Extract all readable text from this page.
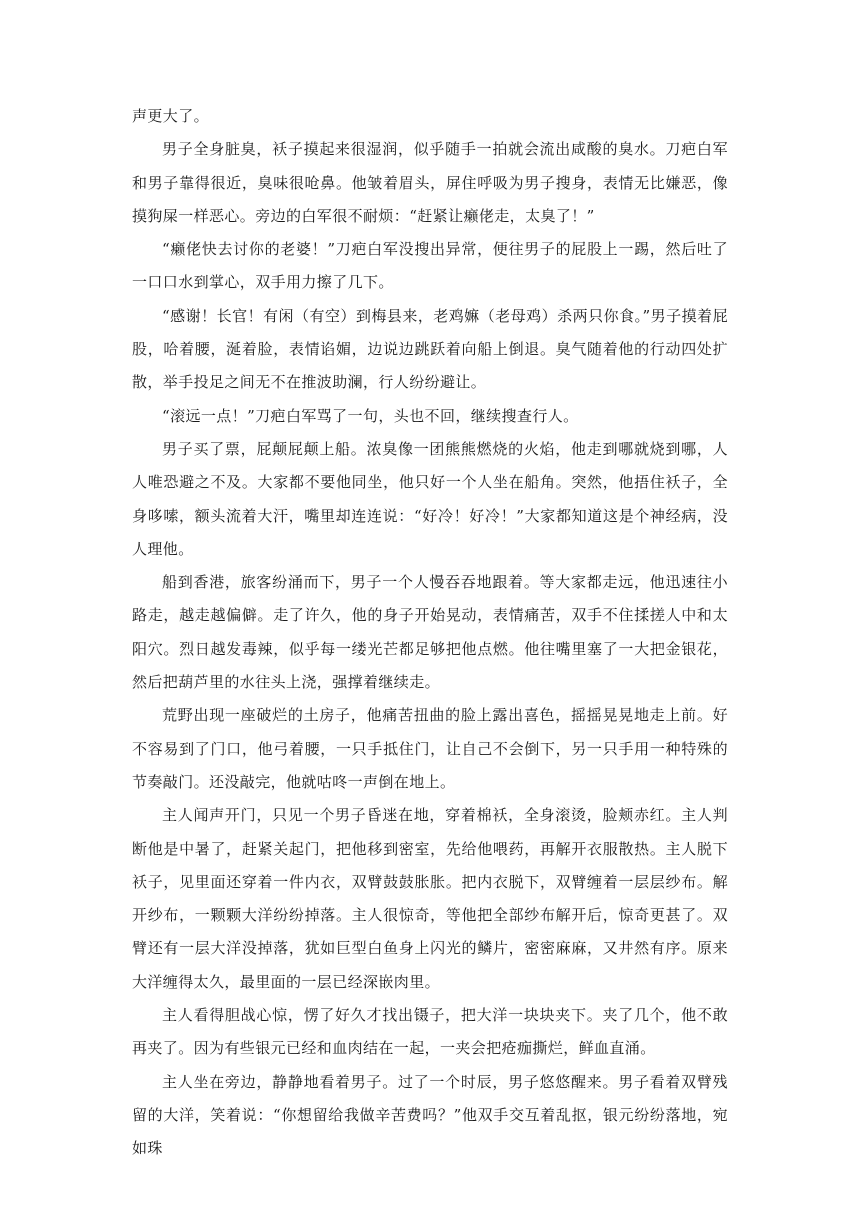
声更大了。

男子全身脏臭，袄子摸起来很湿润，似乎随手一拍就会流出咸酸的臭水。刀疤白军和男子靠得很近，臭味很呛鼻。他皱着眉头，屏住呼吸为男子搜身，表情无比嫌恶，像摸狗屎一样恶心。旁边的白军很不耐烦：“赶紧让癞佬走，太臭了！”

“癞佬快去讨你的老婆！”刀疤白军没搜出异常，便往男子的屁股上一踢，然后吐了一口口水到掌心，双手用力擦了几下。

“感谢！长官！有闲（有空）到梅县来，老鸡嫲（老母鸡）杀两只你食。”男子摸着屁股，哈着腰，涎着脸，表情谄媚，边说边跳跃着向船上倒退。臭气随着他的行动四处扩散，举手投足之间无不在推波助澜，行人纷纷避让。

“滚远一点！”刀疤白军骂了一句，头也不回，继续搜查行人。

男子买了票，屁颠屁颠上船。浓臭像一团熊熊燃烧的火焰，他走到哪就烧到哪，人人唯恐避之不及。大家都不要他同坐，他只好一个人坐在船角。突然，他捂住袄子，全身哆嗦，额头流着大汗，嘴里却连连说：“好冷！好冷！”大家都知道这是个神经病，没人理他。

船到香港，旅客纷涌而下，男子一个人慢吞吞地跟着。等大家都走远，他迅速往小路走，越走越偏僻。走了许久，他的身子开始晃动，表情痛苦，双手不住揉搓人中和太阳穴。烈日越发毒辣，似乎每一缕光芒都足够把他点燃。他往嘴里塞了一大把金银花，然后把葫芦里的水往头上浇，强撑着继续走。

荒野出现一座破烂的土房子，他痛苦扭曲的脸上露出喜色，摇摇晃晃地走上前。好不容易到了门口，他弓着腰，一只手抵住门，让自己不会倒下，另一只手用一种特殊的节奏敲门。还没敲完，他就咕咚一声倒在地上。

主人闻声开门，只见一个男子昏迷在地，穿着棉袄，全身滚烫，脸颊赤红。主人判断他是中暑了，赶紧关起门，把他移到密室，先给他喂药，再解开衣服散热。主人脱下袄子，见里面还穿着一件内衣，双臂鼓鼓胀胀。把内衣脱下，双臂缠着一层层纱布。解开纱布，一颗颗大洋纷纷掉落。主人很惊奇，等他把全部纱布解开后，惊奇更甚了。双臂还有一层大洋没掉落，犹如巨型白鱼身上闪光的鳞片，密密麻麻，又井然有序。原来大洋缠得太久，最里面的一层已经深嵌肉里。

主人看得胆战心惊，愣了好久才找出镊子，把大洋一块块夹下。夹了几个，他不敢再夹了。因为有些银元已经和血肉结在一起，一夹会把疮痂撕烂，鲜血直涌。

主人坐在旁边，静静地看着男子。过了一个时辰，男子悠悠醒来。男子看着双臂残留的大洋，笑着说：“你想留给我做辛苦费吗？”他双手交互着乱抠，银元纷纷落地，宛如珠
